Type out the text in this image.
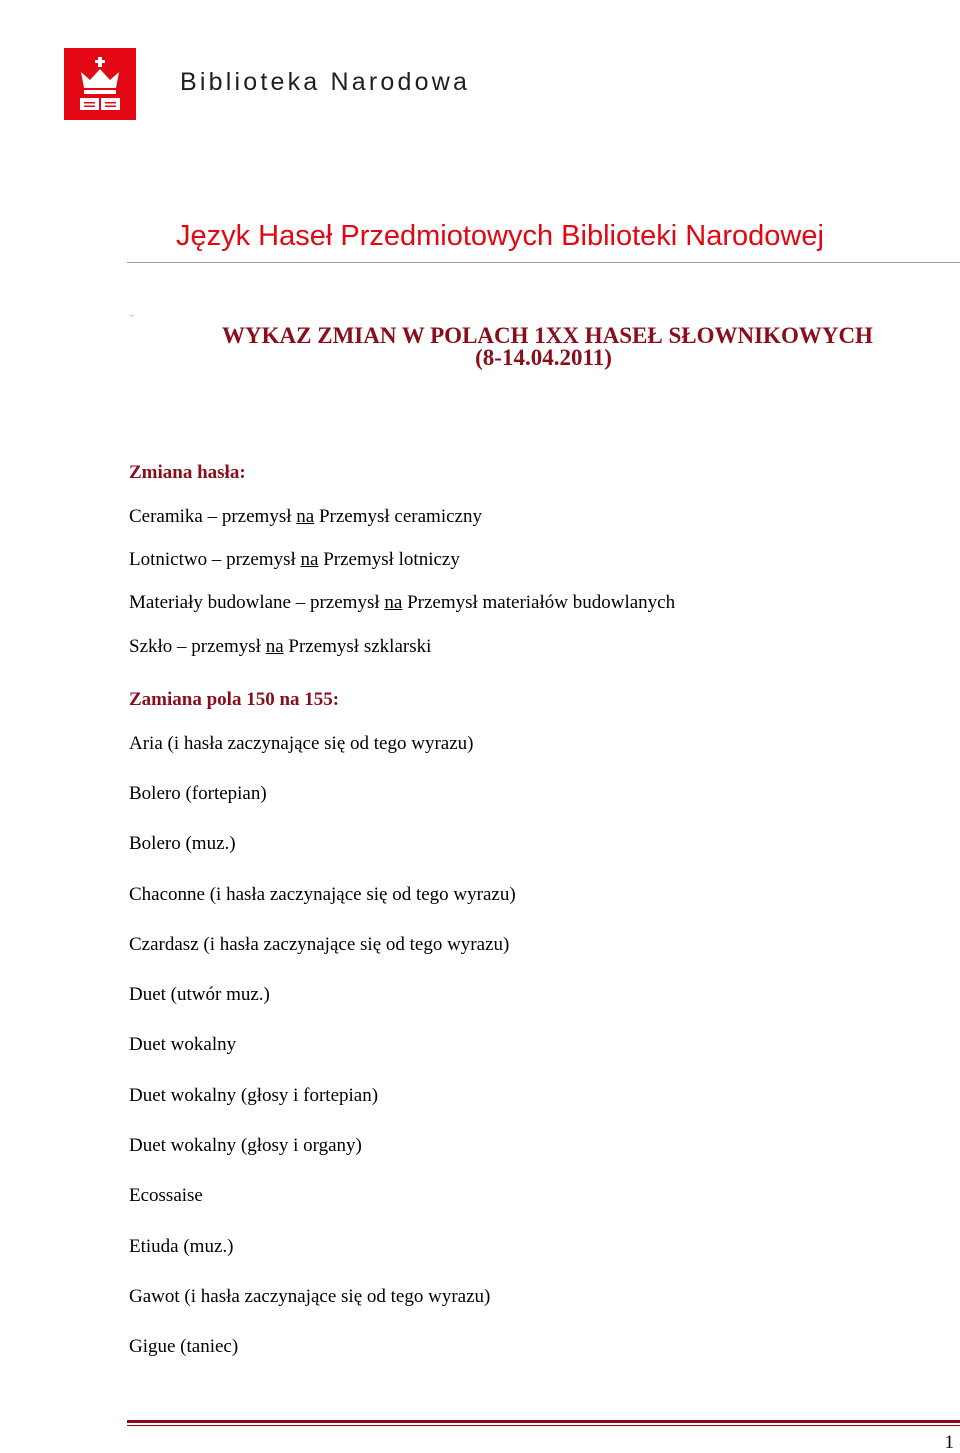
Biblioteka Narodowa
Język Haseł Przedmiotowych Biblioteki Narodowej
¬
WYKAZ ZMIAN W POLACH 1XX HASEŁ SŁOWNIKOWYCH
(8-14.04.2011)
Zmiana hasła:
Ceramika – przemysł na Przemysł ceramiczny
Lotnictwo – przemysł na Przemysł lotniczy
Materiały budowlane – przemysł na Przemysł materiałów budowlanych
Szkło – przemysł na Przemysł szklarski
Zamiana pola 150 na 155:
Aria (i hasła zaczynające się od tego wyrazu)
Bolero (fortepian)
Bolero (muz.)
Chaconne (i hasła zaczynające się od tego wyrazu)
Czardasz (i hasła zaczynające się od tego wyrazu)
Duet (utwór muz.)
Duet wokalny
Duet wokalny (głosy i fortepian)
Duet wokalny (głosy i organy)
Ecossaise
Etiuda (muz.)
Gawot (i hasła zaczynające się od tego wyrazu)
Gigue (taniec)
1
